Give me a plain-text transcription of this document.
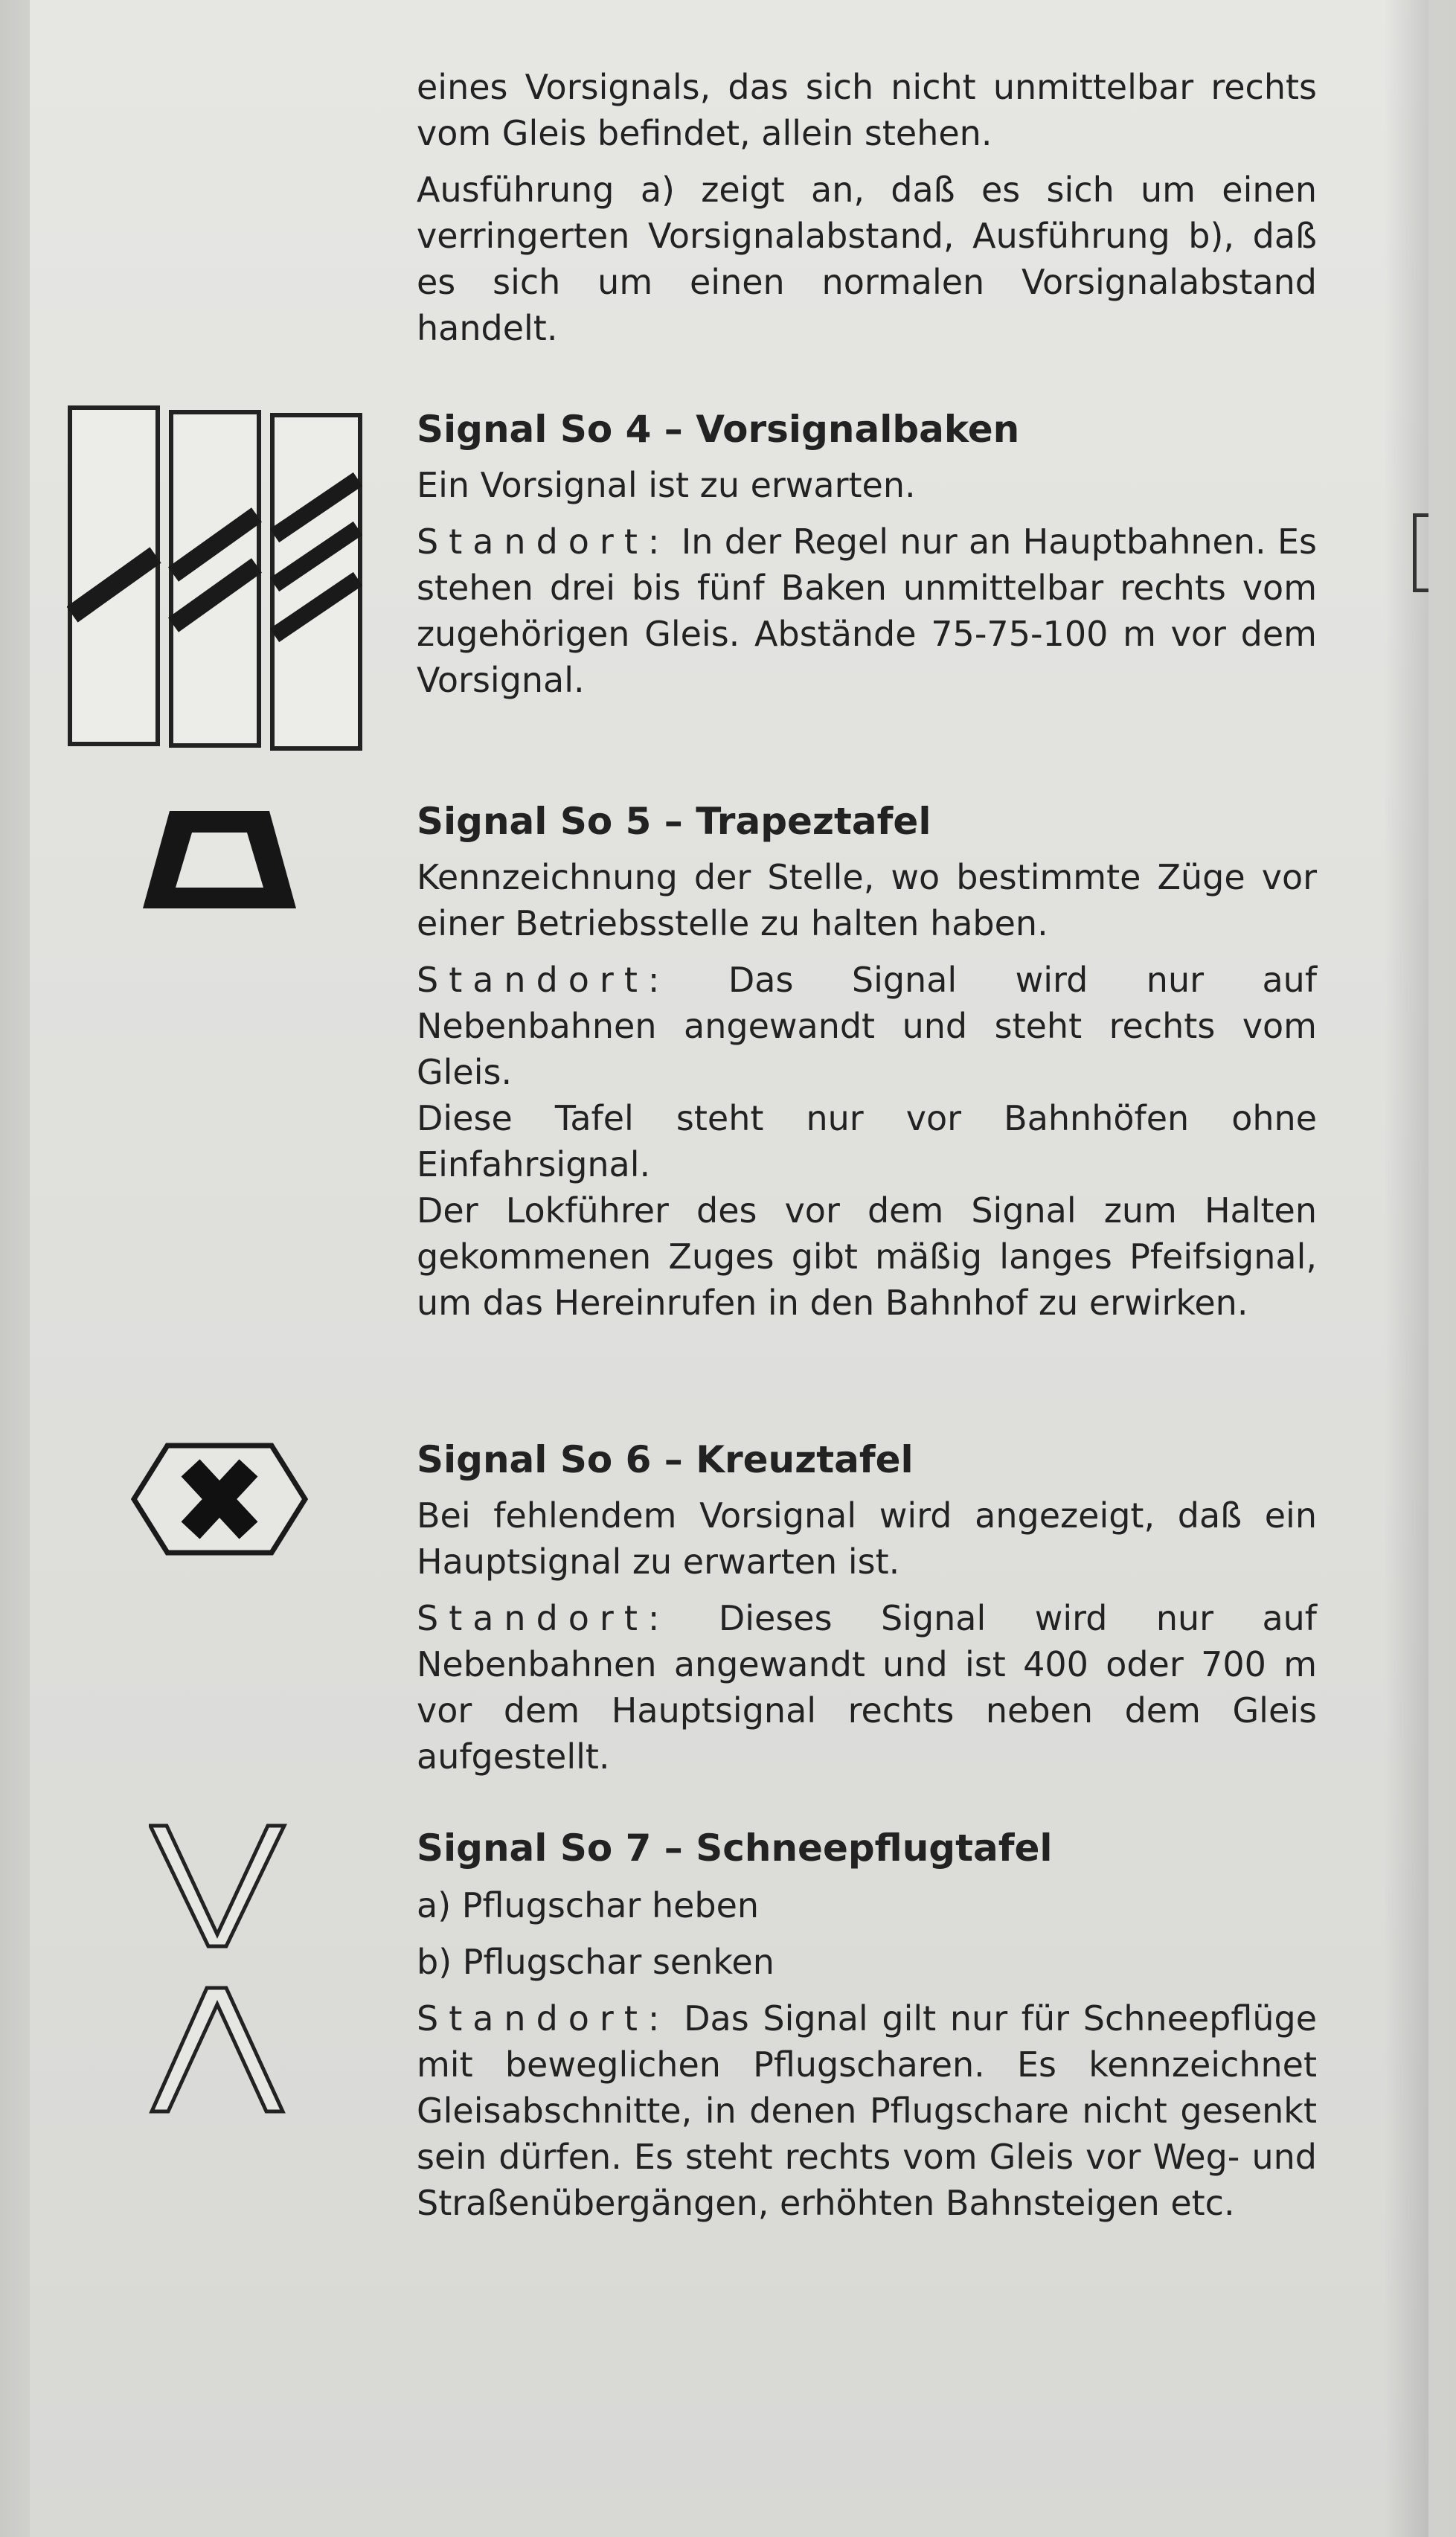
eines Vorsignals, das sich nicht unmittelbar rechts vom Gleis befindet, allein stehen.

Ausführung a) zeigt an, daß es sich um einen verringerten Vorsignalabstand, Ausführung b), daß es sich um einen normalen Vorsignalabstand handelt.

Signal So 4 – Vorsignalbaken

Ein Vorsignal ist zu erwarten.

Standort: In der Regel nur an Hauptbahnen. Es stehen drei bis fünf Baken unmittelbar rechts vom zugehörigen Gleis. Abstände 75-75-100 m vor dem Vorsignal.

Signal So 5 – Trapeztafel

Kennzeichnung der Stelle, wo bestimmte Züge vor einer Betriebsstelle zu halten haben.

Standort: Das Signal wird nur auf Nebenbahnen angewandt und steht rechts vom Gleis.

Diese Tafel steht nur vor Bahnhöfen ohne Einfahrsignal.

Der Lokführer des vor dem Signal zum Halten gekommenen Zuges gibt mäßig langes Pfeifsignal, um das Hereinrufen in den Bahnhof zu erwirken.

Signal So 6 – Kreuztafel

Bei fehlendem Vorsignal wird angezeigt, daß ein Hauptsignal zu erwarten ist.

Standort: Dieses Signal wird nur auf Nebenbahnen angewandt und ist 400 oder 700 m vor dem Hauptsignal rechts neben dem Gleis aufgestellt.

Signal So 7 – Schneepflugtafel

a) Pflugschar heben

b) Pflugschar senken

Standort: Das Signal gilt nur für Schneepflüge mit beweglichen Pflugscharen. Es kennzeichnet Gleisabschnitte, in denen Pflugschare nicht gesenkt sein dürfen. Es steht rechts vom Gleis vor Weg- und Straßenübergängen, erhöhten Bahnsteigen etc.
